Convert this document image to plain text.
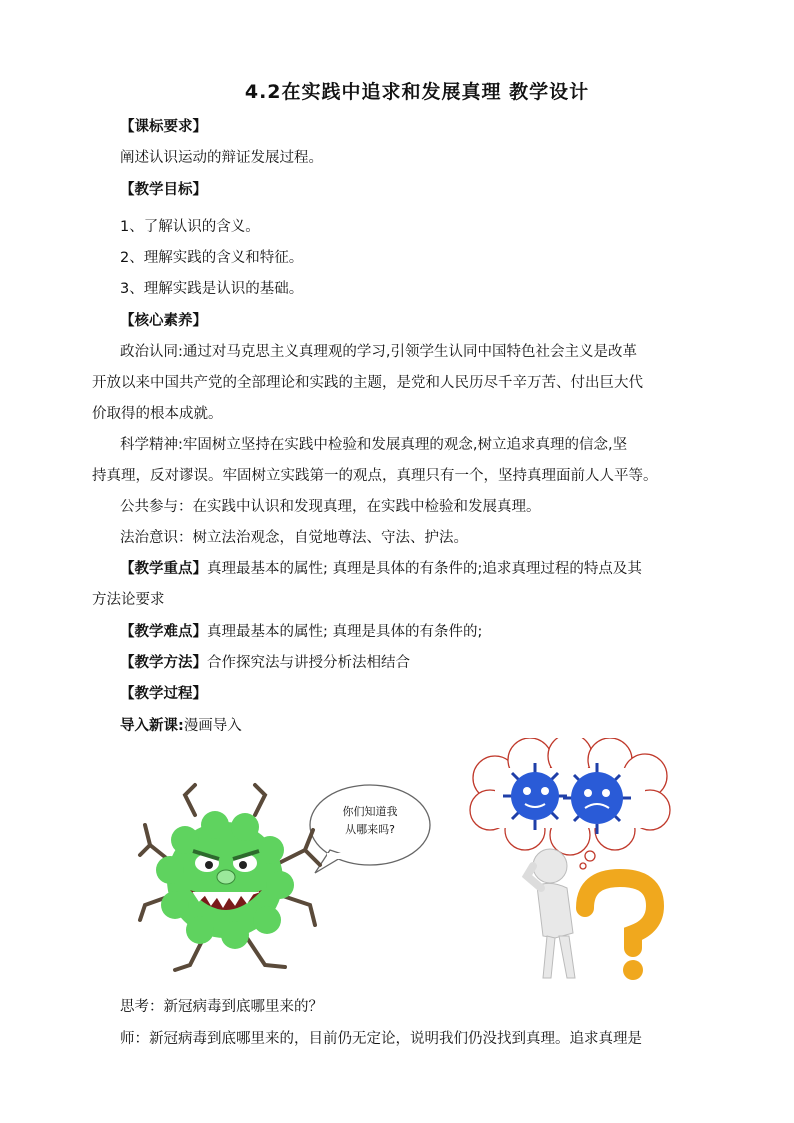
4.2在实践中追求和发展真理 教学设计
【课标要求】
阐述认识运动的辩证发展过程。
【教学目标】
1、了解认识的含义。
2、理解实践的含义和特征。
3、理解实践是认识的基础。
【核心素养】
政治认同:通过对马克思主义真理观的学习,引领学生认同中国特色社会主义是改革
开放以来中国共产党的全部理论和实践的主题，是党和人民历尽千辛万苦、付出巨大代
价取得的根本成就。
科学精神:牢固树立坚持在实践中检验和发展真理的观念,树立追求真理的信念,坚
持真理，反对谬误。牢固树立实践第一的观点，真理只有一个，坚持真理面前人人平等。
公共参与：在实践中认识和发现真理，在实践中检验和发展真理。
法治意识：树立法治观念，自觉地尊法、守法、护法。
【教学重点】真理最基本的属性; 真理是具体的有条件的;追求真理过程的特点及其
方法论要求
【教学难点】真理最基本的属性; 真理是具体的有条件的;
【教学方法】合作探究法与讲授分析法相结合
【教学过程】
导入新课:漫画导入
你们知道我
从哪来吗?
思考：新冠病毒到底哪里来的？
师：新冠病毒到底哪里来的，目前仍无定论，说明我们仍没找到真理。追求真理是
